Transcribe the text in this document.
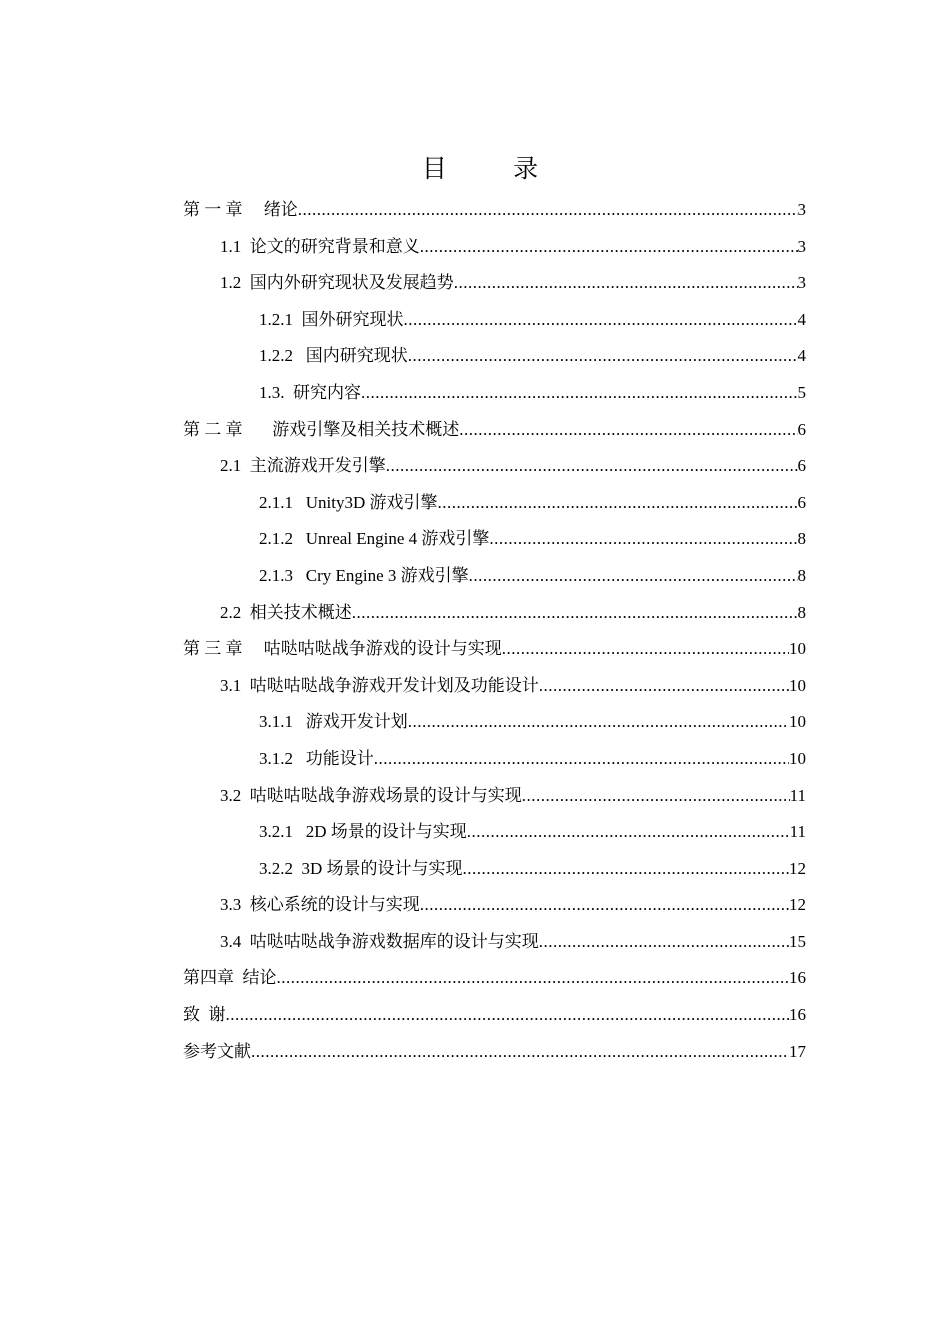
目 录
第 一 章     绪论 .....	3
1.1  论文的研究背景和意义 .....	3
1.2  国内外研究现状及发展趋势 .....	3
1.2.1  国外研究现状 .....	4
1.2.2   国内研究现状 .....	4
1.3.  研究内容 .....	5
第 二 章       游戏引擎及相关技术概述 .....	6
2.1  主流游戏开发引擎 .....	6
2.1.1   Unity3D 游戏引擎 .....	6
2.1.2   Unreal Engine 4 游戏引擎 .....	8
2.1.3   Cry Engine 3 游戏引擎 .....	8
2.2  相关技术概述 .....	8
第 三 章     咕哒咕哒战争游戏的设计与实现 .....	10
3.1  咕哒咕哒战争游戏开发计划及功能设计 .....	10
3.1.1   游戏开发计划 .....	10
3.1.2   功能设计 .....	10
3.2  咕哒咕哒战争游戏场景的设计与实现 .....	11
3.2.1   2D 场景的设计与实现 .....	11
3.2.2  3D 场景的设计与实现 .....	12
3.3  核心系统的设计与实现 .....	12
3.4  咕哒咕哒战争游戏数据库的设计与实现 .....	15
第四章  结论 .....	16
致  谢 .....	16
参考文献 .....	17
